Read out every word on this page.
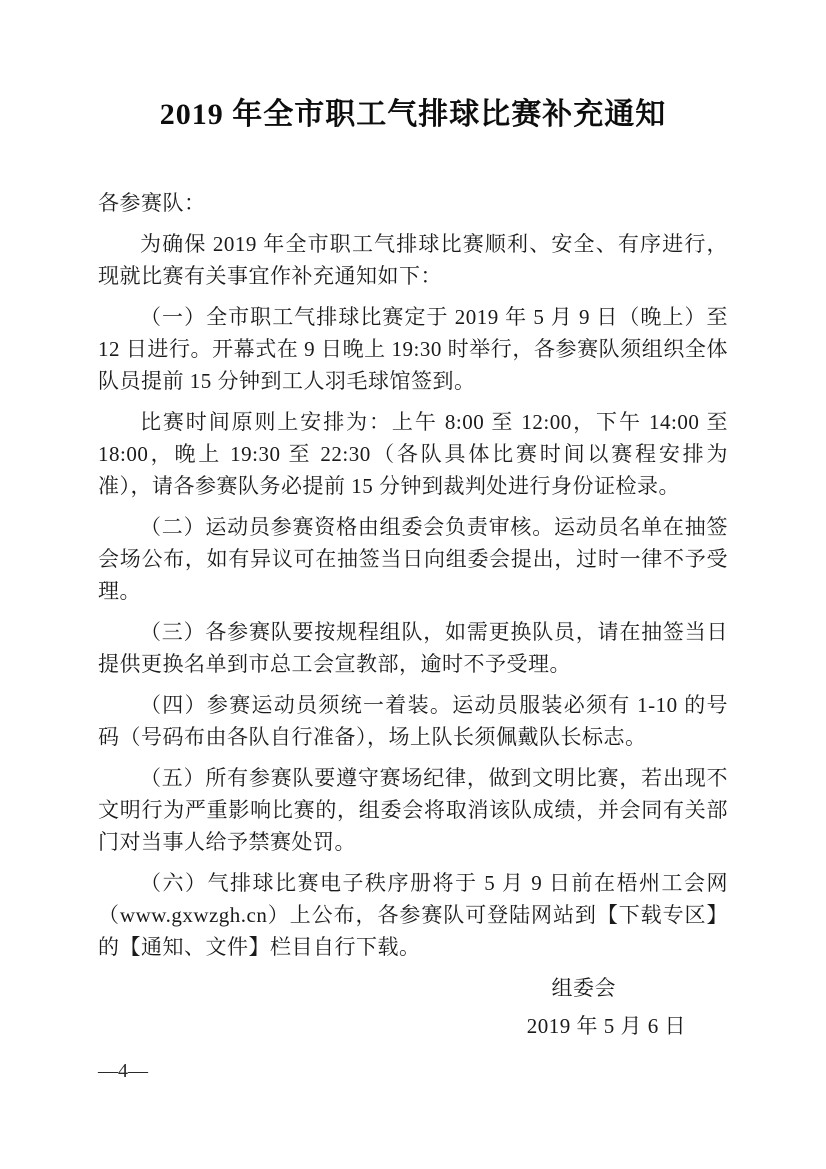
2019 年全市职工气排球比赛补充通知

各参赛队：

为确保 2019 年全市职工气排球比赛顺利、安全、有序进行，现就比赛有关事宜作补充通知如下：

（一）全市职工气排球比赛定于 2019 年 5 月 9 日（晚上）至 12 日进行。开幕式在 9 日晚上 19:30 时举行，各参赛队须组织全体队员提前 15 分钟到工人羽毛球馆签到。

比赛时间原则上安排为：上午 8:00 至 12:00，下午 14:00 至 18:00，晚上 19:30 至 22:30（各队具体比赛时间以赛程安排为准），请各参赛队务必提前 15 分钟到裁判处进行身份证检录。

（二）运动员参赛资格由组委会负责审核。运动员名单在抽签会场公布，如有异议可在抽签当日向组委会提出，过时一律不予受理。

（三）各参赛队要按规程组队，如需更换队员，请在抽签当日提供更换名单到市总工会宣教部，逾时不予受理。

（四）参赛运动员须统一着装。运动员服装必须有 1-10 的号码（号码布由各队自行准备），场上队长须佩戴队长标志。

（五）所有参赛队要遵守赛场纪律，做到文明比赛，若出现不文明行为严重影响比赛的，组委会将取消该队成绩，并会同有关部门对当事人给予禁赛处罚。

（六）气排球比赛电子秩序册将于 5 月 9 日前在梧州工会网（www.gxwzgh.cn）上公布，各参赛队可登陆网站到【下载专区】的【通知、文件】栏目自行下载。

组委会

2019 年 5 月 6 日

—4—
